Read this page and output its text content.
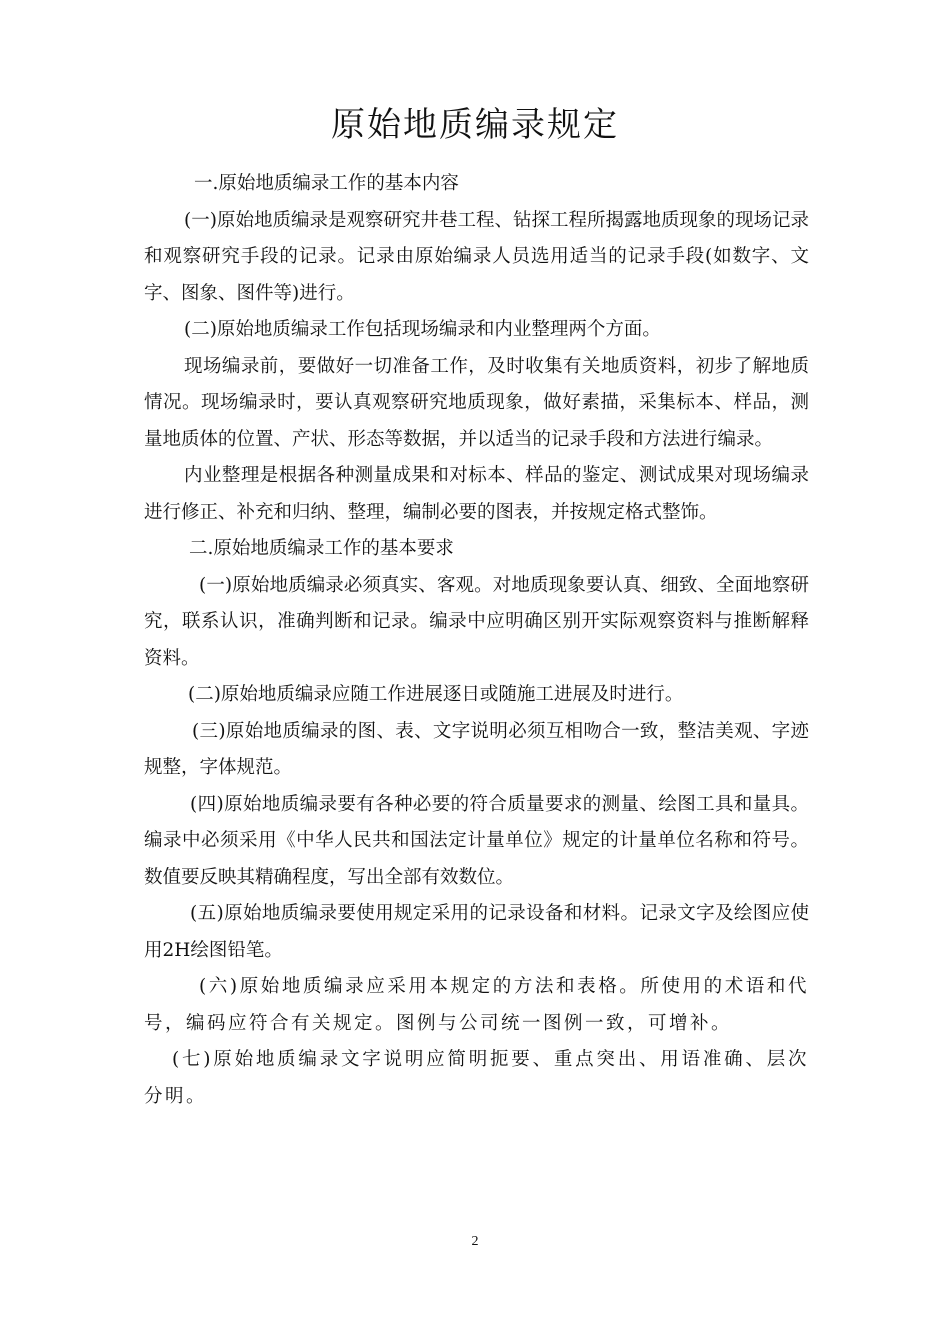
原始地质编录规定

一.原始地质编录工作的基本内容

(一)原始地质编录是观察研究井巷工程、钻探工程所揭露地质现象的现场记录和观察研究手段的记录。记录由原始编录人员选用适当的记录手段(如数字、文字、图象、图件等)进行。

(二)原始地质编录工作包括现场编录和内业整理两个方面。

现场编录前，要做好一切准备工作，及时收集有关地质资料，初步了解地质情况。现场编录时，要认真观察研究地质现象，做好素描，采集标本、样品，测量地质体的位置、产状、形态等数据，并以适当的记录手段和方法进行编录。

内业整理是根据各种测量成果和对标本、样品的鉴定、测试成果对现场编录进行修正、补充和归纳、整理，编制必要的图表，并按规定格式整饰。

二.原始地质编录工作的基本要求

(一)原始地质编录必须真实、客观。对地质现象要认真、细致、全面地察研究，联系认识，准确判断和记录。编录中应明确区别开实际观察资料与推断解释资料。

(二)原始地质编录应随工作进展逐日或随施工进展及时进行。

(三)原始地质编录的图、表、文字说明必须互相吻合一致，整洁美观、字迹规整，字体规范。

(四)原始地质编录要有各种必要的符合质量要求的测量、绘图工具和量具。编录中必须采用《中华人民共和国法定计量单位》规定的计量单位名称和符号。数值要反映其精确程度，写出全部有效数位。

(五)原始地质编录要使用规定采用的记录设备和材料。记录文字及绘图应使用2H绘图铅笔。

(六)原始地质编录应采用本规定的方法和表格。所使用的术语和代号，编码应符合有关规定。图例与公司统一图例一致，可增补。

(七)原始地质编录文字说明应简明扼要、重点突出、用语准确、层次分明。

2
